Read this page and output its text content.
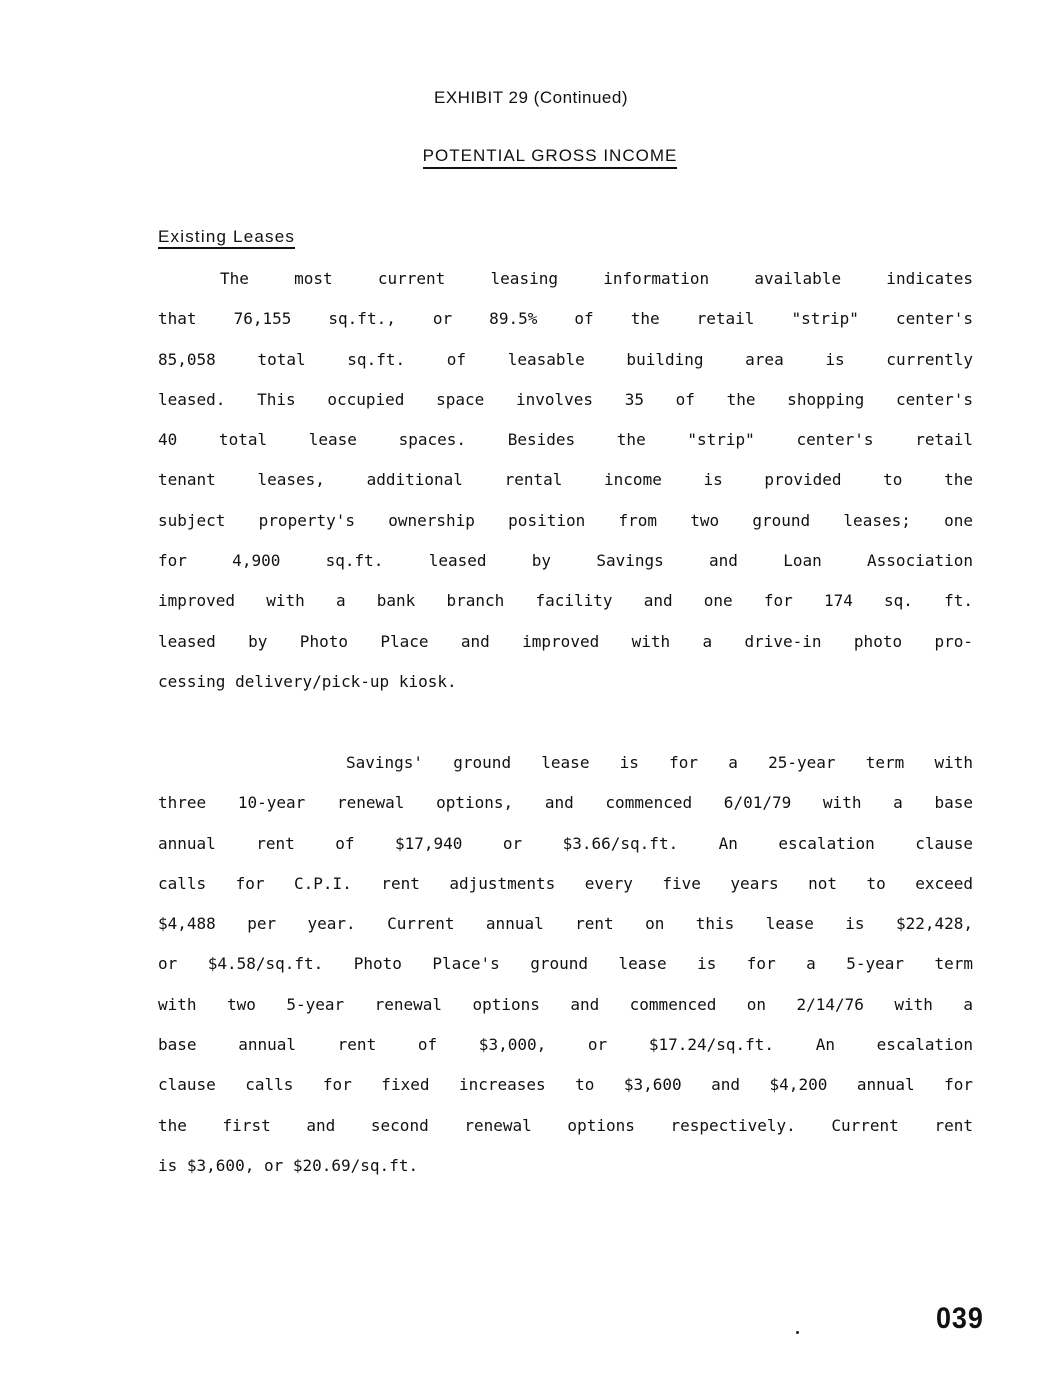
EXHIBIT 29 (Continued)
POTENTIAL GROSS INCOME
Existing Leases
The most current leasing information available indicates
that 76,155 sq.ft., or 89.5% of the retail "strip" center's
85,058 total sq.ft. of leasable building area is currently
leased. This occupied space involves 35 of the shopping center's
40 total lease spaces. Besides the "strip" center's retail
tenant leases, additional rental income is provided to the
subject property's ownership position from two ground leases; one
for 4,900 sq.ft. leased by Savings and Loan Association
improved with a bank branch facility and one for 174 sq. ft.
leased by Photo Place and improved with a drive-in photo pro-
cessing delivery/pick-up kiosk.
Savings' ground lease is for a 25-year term with
three 10-year renewal options, and commenced 6/01/79 with a base
annual rent of $17,940 or $3.66/sq.ft. An escalation clause
calls for C.P.I. rent adjustments every five years not to exceed
$4,488 per year. Current annual rent on this lease is $22,428,
or $4.58/sq.ft. Photo Place's ground lease is for a 5-year term
with two 5-year renewal options and commenced on 2/14/76 with a
base annual rent of $3,000, or $17.24/sq.ft. An escalation
clause calls for fixed increases to $3,600 and $4,200 annual for
the first and second renewal options respectively. Current rent
is $3,600, or $20.69/sq.ft.
039
